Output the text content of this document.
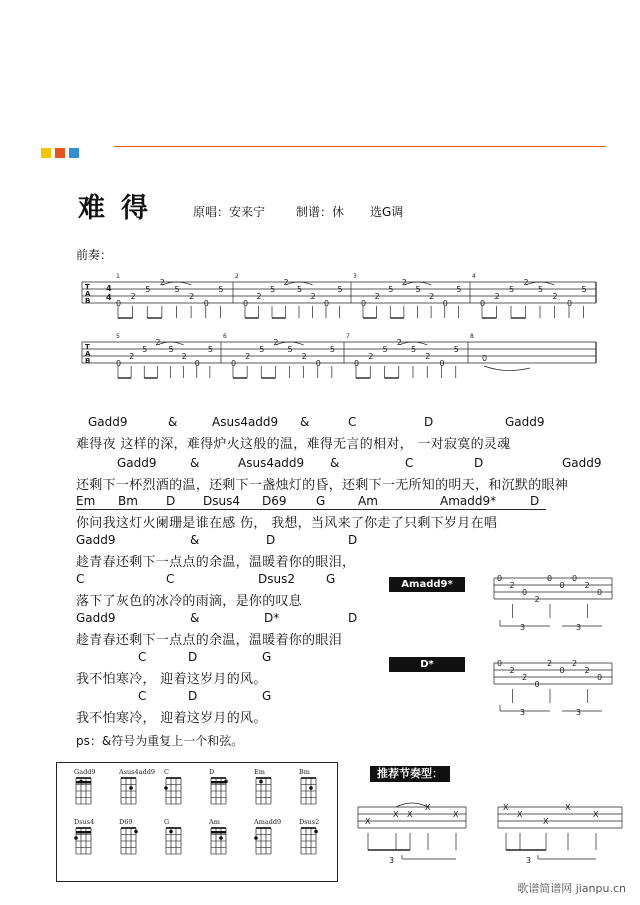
难得 原唱：安来宁	制谱：休 选G调
前奏：
1	2	3	4
T
A
B
4
4
0
2
5
2
5
2
0
5
0
2
5
2
5
2
0
5
0
2
5
2
5
2
0
5
0
2
5
2
5
2
0
5
5	6	7	8
T
A
B	0
2
5
2
5
2
0
5
0
2
5
2
5
2
0
5
0
2
5
2
5
2
0
5
0
Gadd9	&	Asus4add9 &	C	D	Gadd9
难得夜 这样的深，难得炉火这般的温，难得无言的相对， 一对寂寞的灵魂
Gadd9	&	Asus4add9 &	C	D	Gadd9
还剩下一杯烈酒的温，还剩下一盏烛灯的昏，还剩下一无所知的明天，和沉默的眼神
Em Bm D Dsus4 D69 G	Am	Amadd9*	D
你问我这灯火阑珊是谁在感 伤， 我想，当风来了你走了只剩下岁月在唱
Gadd9	&	D	D
趁青春还剩下一点点的余温，温暖着你的眼泪，
C	C	Dsus2	G
落下了灰色的冰冷的雨滴，是你的叹息
Gadd9	&	D*	D
趁青春还剩下一点点的余温，温暖着你的眼泪
C	D	G
我不怕寒冷， 迎着这岁月的风。
C	D	G
我不怕寒冷， 迎着这岁月的风。
ps：&符号为重复上一个和弦。
Amadd9*
D*
0
2
0
2
0
0
0
2
0
3	3
0
2
2
0
2
0
2
2
0
3	3
Gadd9	Asus4add9 C	D	Em	Bm
Dsus4	D69	G	Am	Amadd9	Dsus2
推荐节奏型：
X
X X
X
X
3
X
X
X
X
X
3
歌谱简谱网 jianpu.cn
